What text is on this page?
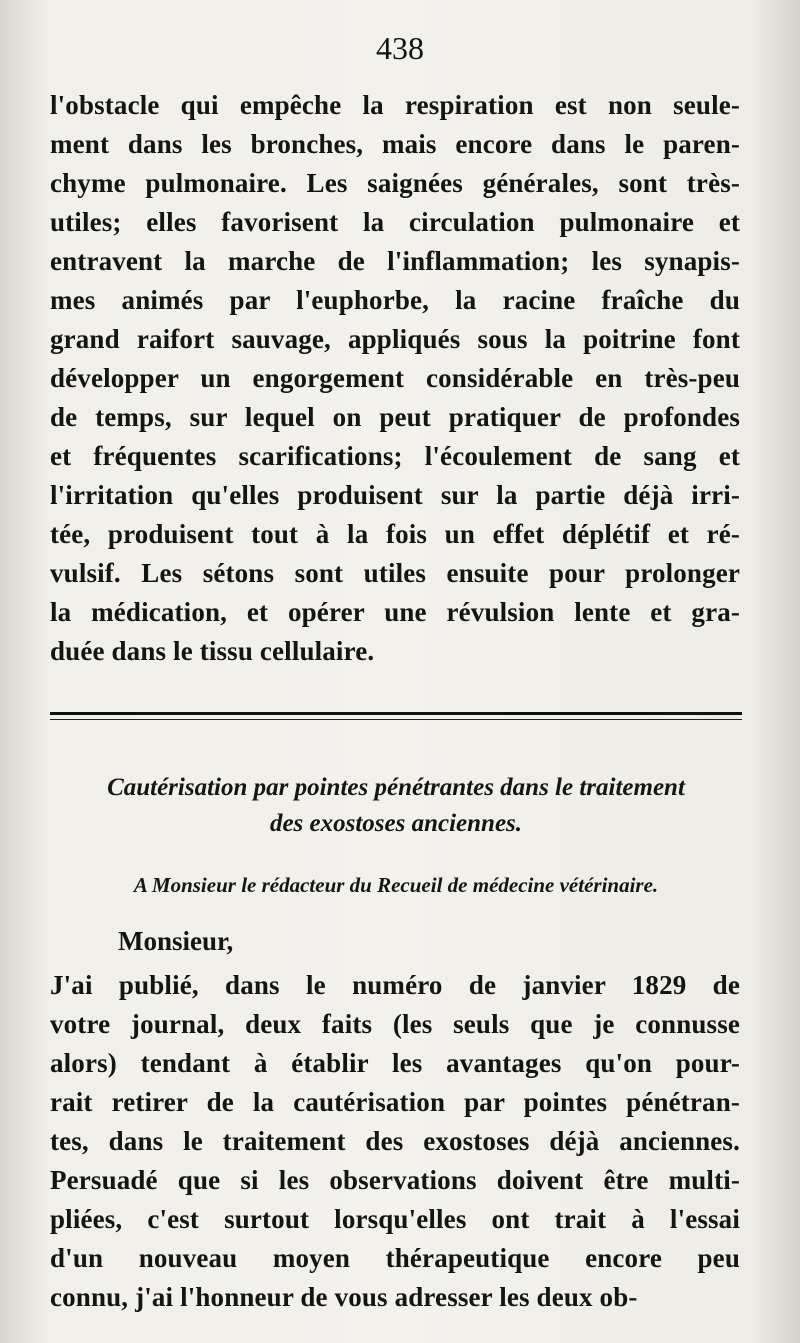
438
l'obstacle qui empêche la respiration est non seule-
ment dans les bronches, mais encore dans le paren-
chyme pulmonaire. Les saignées générales, sont très-
utiles; elles favorisent la circulation pulmonaire et
entravent la marche de l'inflammation; les synapis-
mes animés par l'euphorbe, la racine fraîche du
grand raifort sauvage, appliqués sous la poitrine font
développer un engorgement considérable en très-peu
de temps, sur lequel on peut pratiquer de profondes
et fréquentes scarifications; l'écoulement de sang et
l'irritation qu'elles produisent sur la partie déjà irri-
tée, produisent tout à la fois un effet déplétif et ré-
vulsif. Les sétons sont utiles ensuite pour prolonger
la médication, et opérer une révulsion lente et gra-
duée dans le tissu cellulaire.
Cautérisation par pointes pénétrantes dans le traitement
des exostoses anciennes.
A Monsieur le rédacteur du Recueil de médecine vétérinaire.
Monsieur,
J'ai publié, dans le numéro de janvier 1829 de
votre journal, deux faits (les seuls que je connusse
alors) tendant à établir les avantages qu'on pour-
rait retirer de la cautérisation par pointes pénétran-
tes, dans le traitement des exostoses déjà anciennes.
Persuadé que si les observations doivent être multi-
pliées, c'est surtout lorsqu'elles ont trait à l'essai
d'un nouveau moyen thérapeutique encore peu
connu, j'ai l'honneur de vous adresser les deux ob-
